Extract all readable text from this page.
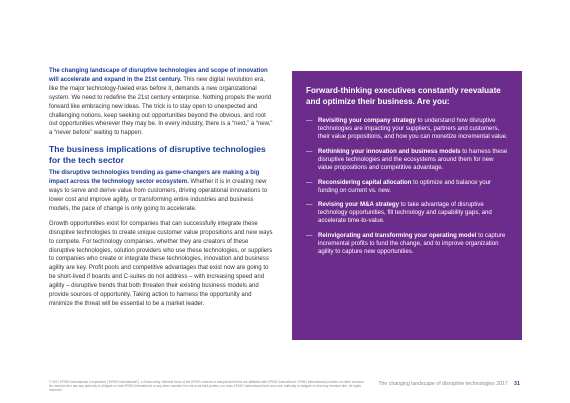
The changing landscape of disruptive technologies and scope of innovation will accelerate and expand in the 21st century. This new digital revolution era, like the major technology-fueled eras before it, demands a new organizational system. We need to redefine the 21st century enterprise. Nothing propels the world forward like embracing new ideas. The trick is to stay open to unexpected and challenging notions, keep seeking out opportunities beyond the obvious, and root out opportunities wherever they may be. In every industry, there is a “next,” a “new,” a “never before” waiting to happen.

The business implications of disruptive technologies for the tech sector

The disruptive technologies trending as game-changers are making a big impact across the technology sector ecosystem. Whether it is in creating new ways to serve and derive value from customers, driving operational innovations to lower cost and improve agility, or transforming entire industries and business models, the pace of change is only going to accelerate.

Growth opportunities exist for companies that can successfully integrate these disruptive technologies to create unique customer value propositions and new ways to compete. For technology companies, whether they are creators of these disruptive technologies, solution providers who use these technologies, or suppliers to companies who create or integrate these technologies, innovation and business agility are key. Profit pools and competitive advantages that exist now are going to be short-lived if boards and C-suites do not address – with increasing speed and agility – disruptive trends that both threaten their existing business models and provide sources of opportunity. Taking action to harness the opportunity and minimize the threat will be essential to be a market leader.

Forward-thinking executives constantly reevaluate and optimize their business. Are you:
— Revisiting your company strategy to understand how disruptive technologies are impacting your suppliers, partners and customers, their value propositions, and how you can monetize incremental value.
— Rethinking your innovation and business models to harness these disruptive technologies and the ecosystems around them for new value propositions and competitive advantage.
— Reconsidering capital allocation to optimize and balance your funding on current vs. new.
— Revising your M&A strategy to take advantage of disruptive technology opportunities, fill technology and capability gaps, and accelerate time-to-value.
— Reinvigorating and transforming your operating model to capture incremental profits to fund the change, and to improve organization agility to capture new opportunities.
© 2017 KPMG International Cooperative (“KPMG International”), a Swiss entity. Member firms of the KPMG network of independent firms are affiliated with KPMG International. KPMG International provides no client services.
No member firm has any authority to obligate or bind KPMG International or any other member firm vis-à-vis third parties, nor does KPMG International have any such authority to obligate or bind any member firm. All rights reserved.
The changing landscape of disruptive technologies 2017 31
